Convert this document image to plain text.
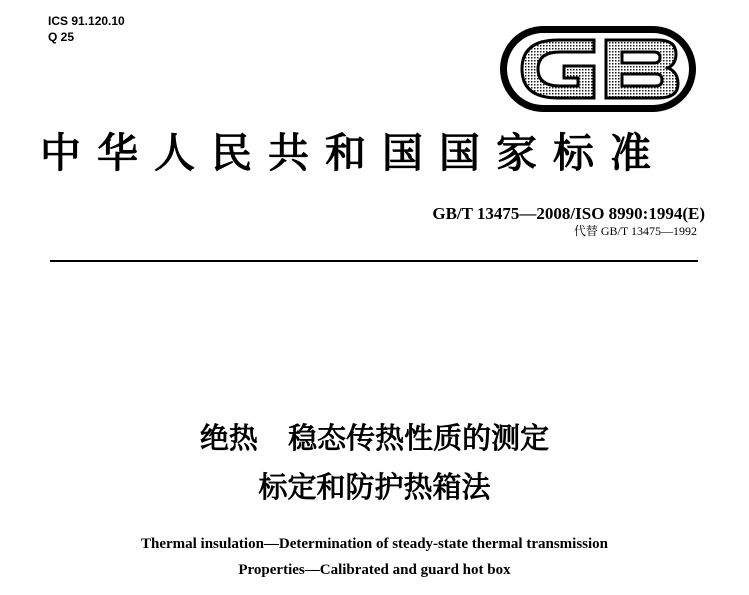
ICS 91.120.10
Q 25
中华人民共和国国家标准
GB/T 13475—2008/ISO 8990:1994(E)
代替 GB/T 13475—1992
绝热   稳态传热性质的测定
标定和防护热箱法
Thermal insulation—Determination of steady-state thermal transmission
Properties—Calibrated and guard hot box
